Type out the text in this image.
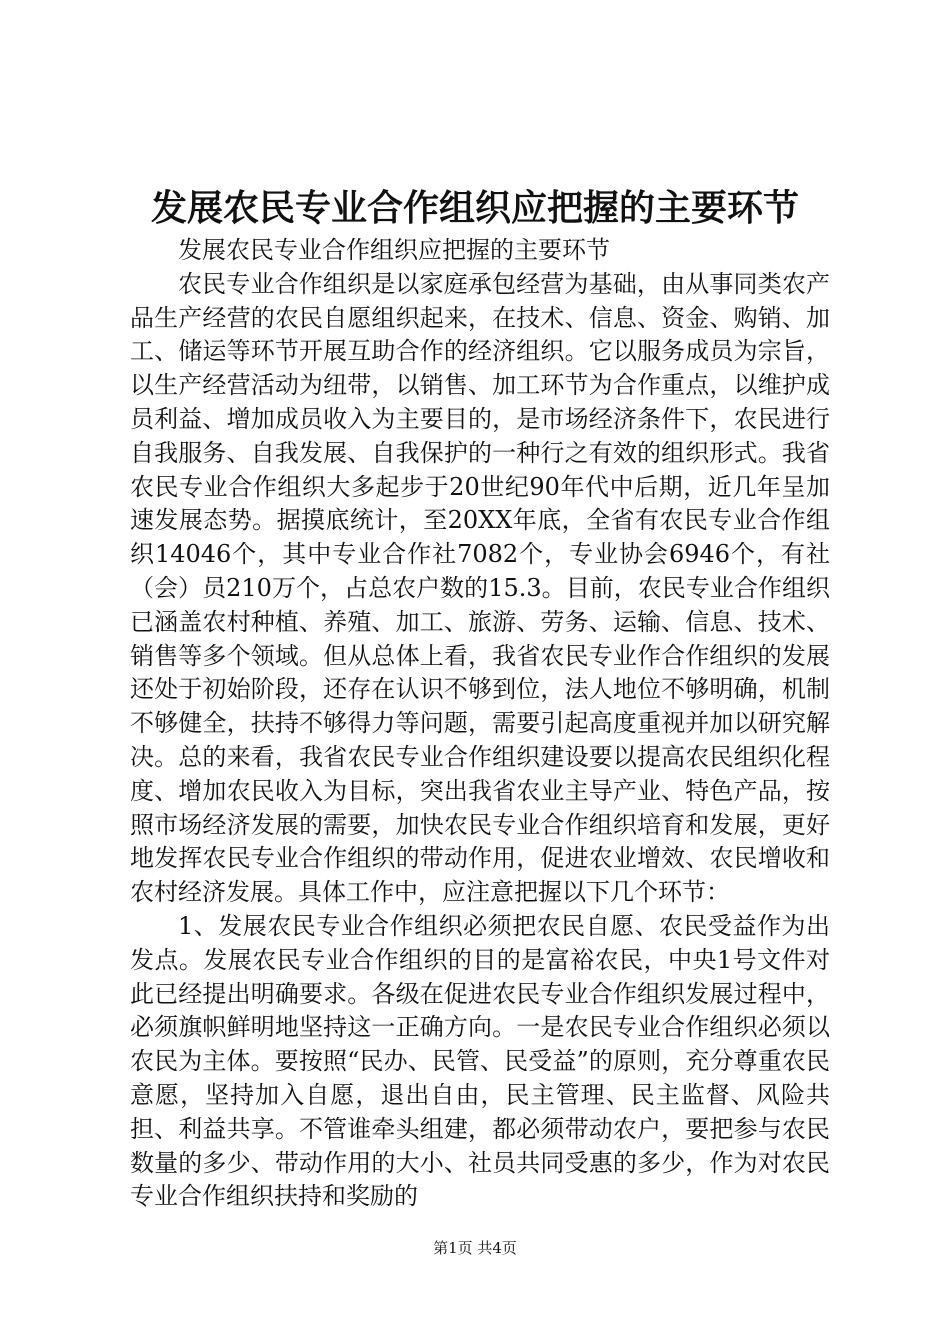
发展农民专业合作组织应把握的主要环节

发展农民专业合作组织应把握的主要环节

农民专业合作组织是以家庭承包经营为基础，由从事同类农产品生产经营的农民自愿组织起来，在技术、信息、资金、购销、加工、储运等环节开展互助合作的经济组织。它以服务成员为宗旨，以生产经营活动为纽带，以销售、加工环节为合作重点，以维护成员利益、增加成员收入为主要目的，是市场经济条件下，农民进行自我服务、自我发展、自我保护的一种行之有效的组织形式。我省农民专业合作组织大多起步于20世纪90年代中后期，近几年呈加速发展态势。据摸底统计，至20XX年底，全省有农民专业合作组织14046个，其中专业合作社7082个，专业协会6946个，有社（会）员210万个，占总农户数的15.3。目前，农民专业合作组织已涵盖农村种植、养殖、加工、旅游、劳务、运输、信息、技术、销售等多个领域。但从总体上看，我省农民专业作合作组织的发展还处于初始阶段，还存在认识不够到位，法人地位不够明确，机制不够健全，扶持不够得力等问题，需要引起高度重视并加以研究解决。总的来看，我省农民专业合作组织建设要以提高农民组织化程度、增加农民收入为目标，突出我省农业主导产业、特色产品，按照市场经济发展的需要，加快农民专业合作组织培育和发展，更好地发挥农民专业合作组织的带动作用，促进农业增效、农民增收和农村经济发展。具体工作中，应注意把握以下几个环节：

1、发展农民专业合作组织必须把农民自愿、农民受益作为出发点。发展农民专业合作组织的目的是富裕农民，中央1号文件对此已经提出明确要求。各级在促进农民专业合作组织发展过程中，必须旗帜鲜明地坚持这一正确方向。一是农民专业合作组织必须以农民为主体。要按照“民办、民管、民受益”的原则，充分尊重农民意愿，坚持加入自愿，退出自由，民主管理、民主监督、风险共担、利益共享。不管谁牵头组建，都必须带动农户，要把参与农民数量的多少、带动作用的大小、社员共同受惠的多少，作为对农民专业合作组织扶持和奖励的

第1页 共4页
